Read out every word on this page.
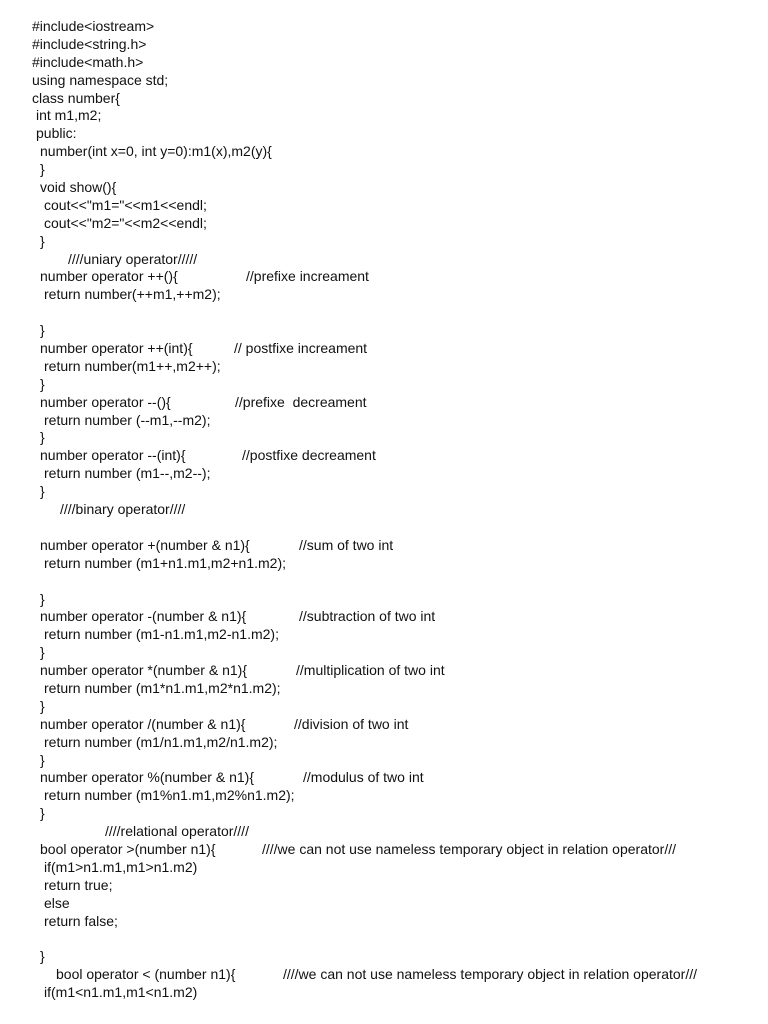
#include<iostream>
#include<string.h>
#include<math.h>
using namespace std;
class number{
int m1,m2;
public:
number(int x=0, int y=0):m1(x),m2(y){
}
void show(){
cout<<"m1="<<m1<<endl;
cout<<"m2="<<m2<<endl;
}
////uniary operator/////
number operator ++(){	//prefixe increament
return number(++m1,++m2);
}
number operator ++(int){	// postfixe increament
return number(m1++,m2++);
}
number operator --(){	//prefixe  decreament
return number (--m1,--m2);
}
number operator --(int){	//postfixe decreament
return number (m1--,m2--);
}
////binary operator////
number operator +(number & n1){	//sum of two int
return number (m1+n1.m1,m2+n1.m2);
}
number operator -(number & n1){	//subtraction of two int
return number (m1-n1.m1,m2-n1.m2);
}
number operator *(number & n1){	//multiplication of two int
return number (m1*n1.m1,m2*n1.m2);
}
number operator /(number & n1){	//division of two int
return number (m1/n1.m1,m2/n1.m2);
}
number operator %(number & n1){	//modulus of two int
return number (m1%n1.m1,m2%n1.m2);
}
////relational operator////
bool operator >(number n1){	////we can not use nameless temporary object in relation operator///
if(m1>n1.m1,m1>n1.m2)
return true;
else
return false;
}
bool operator < (number n1){	////we can not use nameless temporary object in relation operator///
if(m1<n1.m1,m1<n1.m2)
